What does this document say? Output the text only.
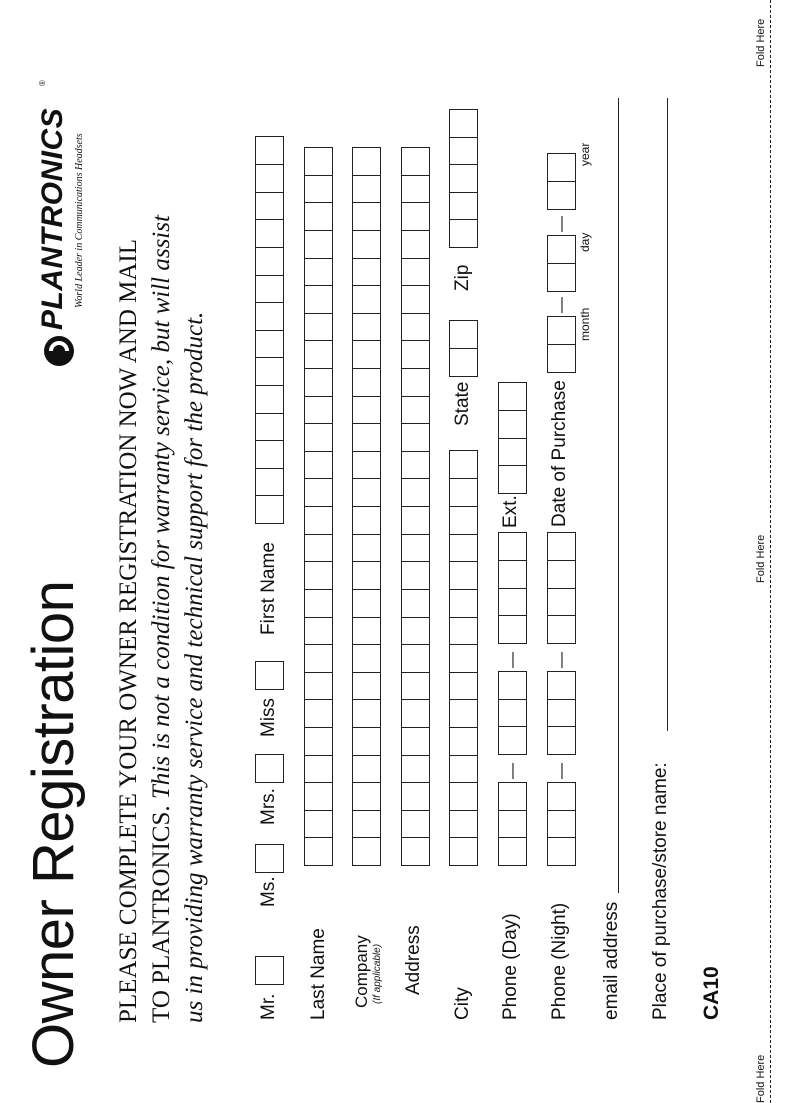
Owner Registration PLEASE COMPLETE YOUR OWNER REGISTRATION NOW AND MAIL TO PLANTRONICS. This is not a condition for warranty service, but will assist us in providing warranty service and technical support for the product.
PLANTRONICS
®
World Leader in Communications Headsets
Mr.
Ms.
Mrs.
Miss
First Name
Last Name Company (If applicable) Address
City
State
Zip
Phone (Day)
—
—
Ext.
Phone (Night)
—
—
Date of Purchase
—
—
month
day
year
email address Place of purchase/store name: CA10
Fold Here
Fold Here
Fold Here
